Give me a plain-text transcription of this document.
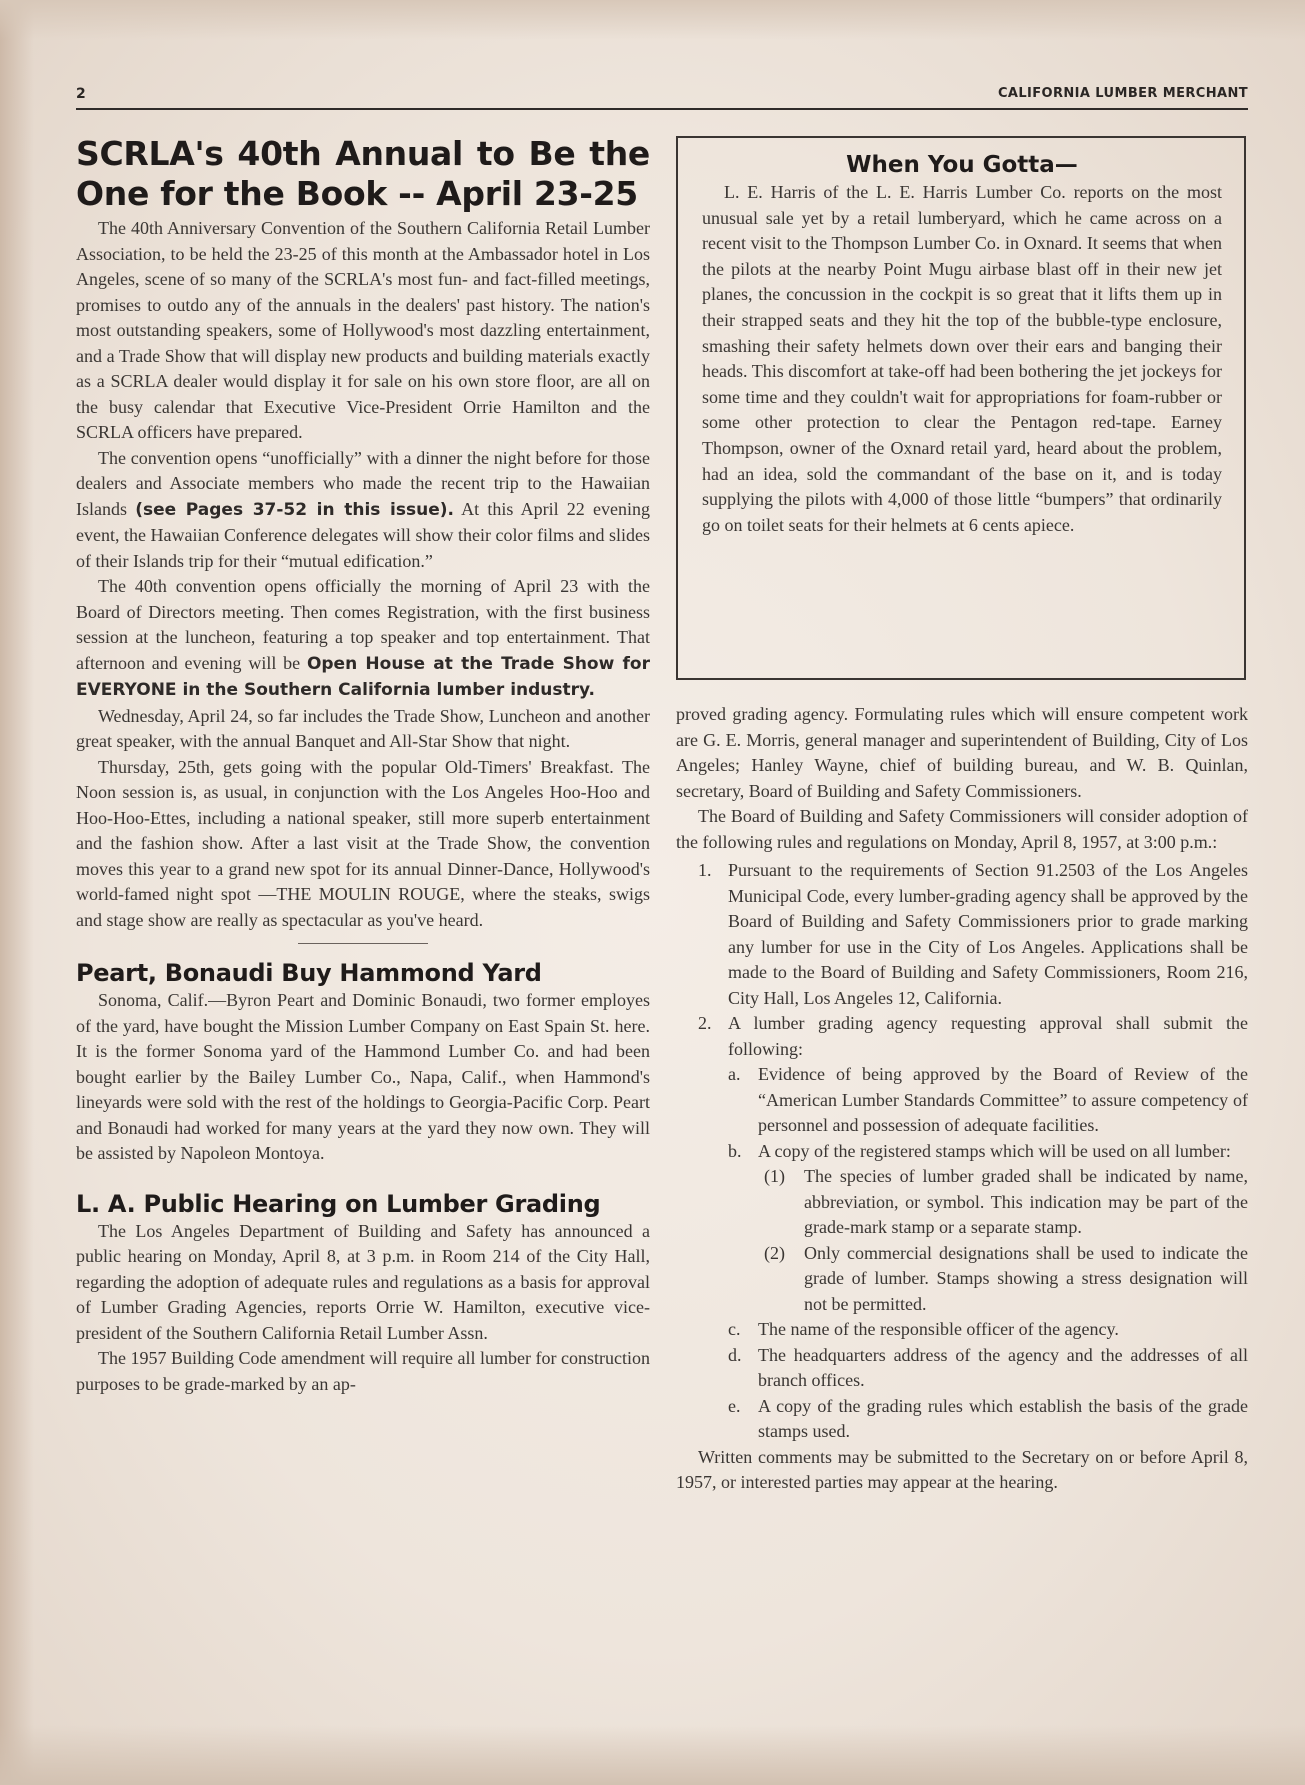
2	CALIFORNIA LUMBER MERCHANT
SCRLA's 40th Annual to Be the One for the Book -- April 23-25

The 40th Anniversary Convention of the Southern California Retail Lumber Association, to be held the 23-25 of this month at the Ambassador hotel in Los Angeles, scene of so many of the SCRLA's most fun- and fact-filled meetings, promises to outdo any of the annuals in the dealers' past history. The nation's most outstanding speakers, some of Hollywood's most dazzling entertainment, and a Trade Show that will display new products and building materials exactly as a SCRLA dealer would display it for sale on his own store floor, are all on the busy calendar that Executive Vice-President Orrie Hamilton and the SCRLA officers have prepared.

The convention opens “unofficially” with a dinner the night before for those dealers and Associate members who made the recent trip to the Hawaiian Islands (see Pages 37-52 in this issue). At this April 22 evening event, the Hawaiian Conference delegates will show their color films and slides of their Islands trip for their “mutual edification.”

The 40th convention opens officially the morning of April 23 with the Board of Directors meeting. Then comes Registration, with the first business session at the luncheon, featuring a top speaker and top entertainment. That afternoon and evening will be Open House at the Trade Show for EVERYONE in the Southern California lumber industry.

Wednesday, April 24, so far includes the Trade Show, Luncheon and another great speaker, with the annual Banquet and All-Star Show that night.

Thursday, 25th, gets going with the popular Old-Timers' Breakfast. The Noon session is, as usual, in conjunction with the Los Angeles Hoo-Hoo and Hoo-Hoo-Ettes, including a national speaker, still more superb entertainment and the fashion show. After a last visit at the Trade Show, the convention moves this year to a grand new spot for its annual Dinner-Dance, Hollywood's world-famed night spot —THE MOULIN ROUGE, where the steaks, swigs and stage show are really as spectacular as you've heard.

Peart, Bonaudi Buy Hammond Yard

Sonoma, Calif.—Byron Peart and Dominic Bonaudi, two former employes of the yard, have bought the Mission Lumber Company on East Spain St. here. It is the former Sonoma yard of the Hammond Lumber Co. and had been bought earlier by the Bailey Lumber Co., Napa, Calif., when Hammond's lineyards were sold with the rest of the holdings to Georgia-Pacific Corp. Peart and Bonaudi had worked for many years at the yard they now own. They will be assisted by Napoleon Montoya.

L. A. Public Hearing on Lumber Grading

The Los Angeles Department of Building and Safety has announced a public hearing on Monday, April 8, at 3 p.m. in Room 214 of the City Hall, regarding the adoption of adequate rules and regulations as a basis for approval of Lumber Grading Agencies, reports Orrie W. Hamilton, executive vice-president of the Southern California Retail Lumber Assn.

The 1957 Building Code amendment will require all lumber for construction purposes to be grade-marked by an ap-

When You Gotta—

L. E. Harris of the L. E. Harris Lumber Co. reports on the most unusual sale yet by a retail lumberyard, which he came across on a recent visit to the Thompson Lumber Co. in Oxnard. It seems that when the pilots at the nearby Point Mugu airbase blast off in their new jet planes, the concussion in the cockpit is so great that it lifts them up in their strapped seats and they hit the top of the bubble-type enclosure, smashing their safety helmets down over their ears and banging their heads. This discomfort at take-off had been bothering the jet jockeys for some time and they couldn't wait for appropriations for foam-rubber or some other protection to clear the Pentagon red-tape. Earney Thompson, owner of the Oxnard retail yard, heard about the problem, had an idea, sold the commandant of the base on it, and is today supplying the pilots with 4,000 of those little “bumpers” that ordinarily go on toilet seats for their helmets at 6 cents apiece.

proved grading agency. Formulating rules which will ensure competent work are G. E. Morris, general manager and superintendent of Building, City of Los Angeles; Hanley Wayne, chief of building bureau, and W. B. Quinlan, secretary, Board of Building and Safety Commissioners.

The Board of Building and Safety Commissioners will consider adoption of the following rules and regulations on Monday, April 8, 1957, at 3:00 p.m.:

1. Pursuant to the requirements of Section 91.2503 of the Los Angeles Municipal Code, every lumber-grading agency shall be approved by the Board of Building and Safety Commissioners prior to grade marking any lumber for use in the City of Los Angeles. Applications shall be made to the Board of Building and Safety Commissioners, Room 216, City Hall, Los Angeles 12, California.
2. A lumber grading agency requesting approval shall submit the following:
a. Evidence of being approved by the Board of Review of the “American Lumber Standards Committee” to assure competency of personnel and possession of adequate facilities.
b. A copy of the registered stamps which will be used on all lumber:
(1)	The species of lumber graded shall be indicated by name, abbreviation, or symbol. This indication may be part of the grade-mark stamp or a separate stamp.
(2)	Only commercial designations shall be used to indicate the grade of lumber. Stamps showing a stress designation will not be permitted.
c. The name of the responsible officer of the agency.
d. The headquarters address of the agency and the addresses of all branch offices.
e. A copy of the grading rules which establish the basis of the grade stamps used.

Written comments may be submitted to the Secretary on or before April 8, 1957, or interested parties may appear at the hearing.
